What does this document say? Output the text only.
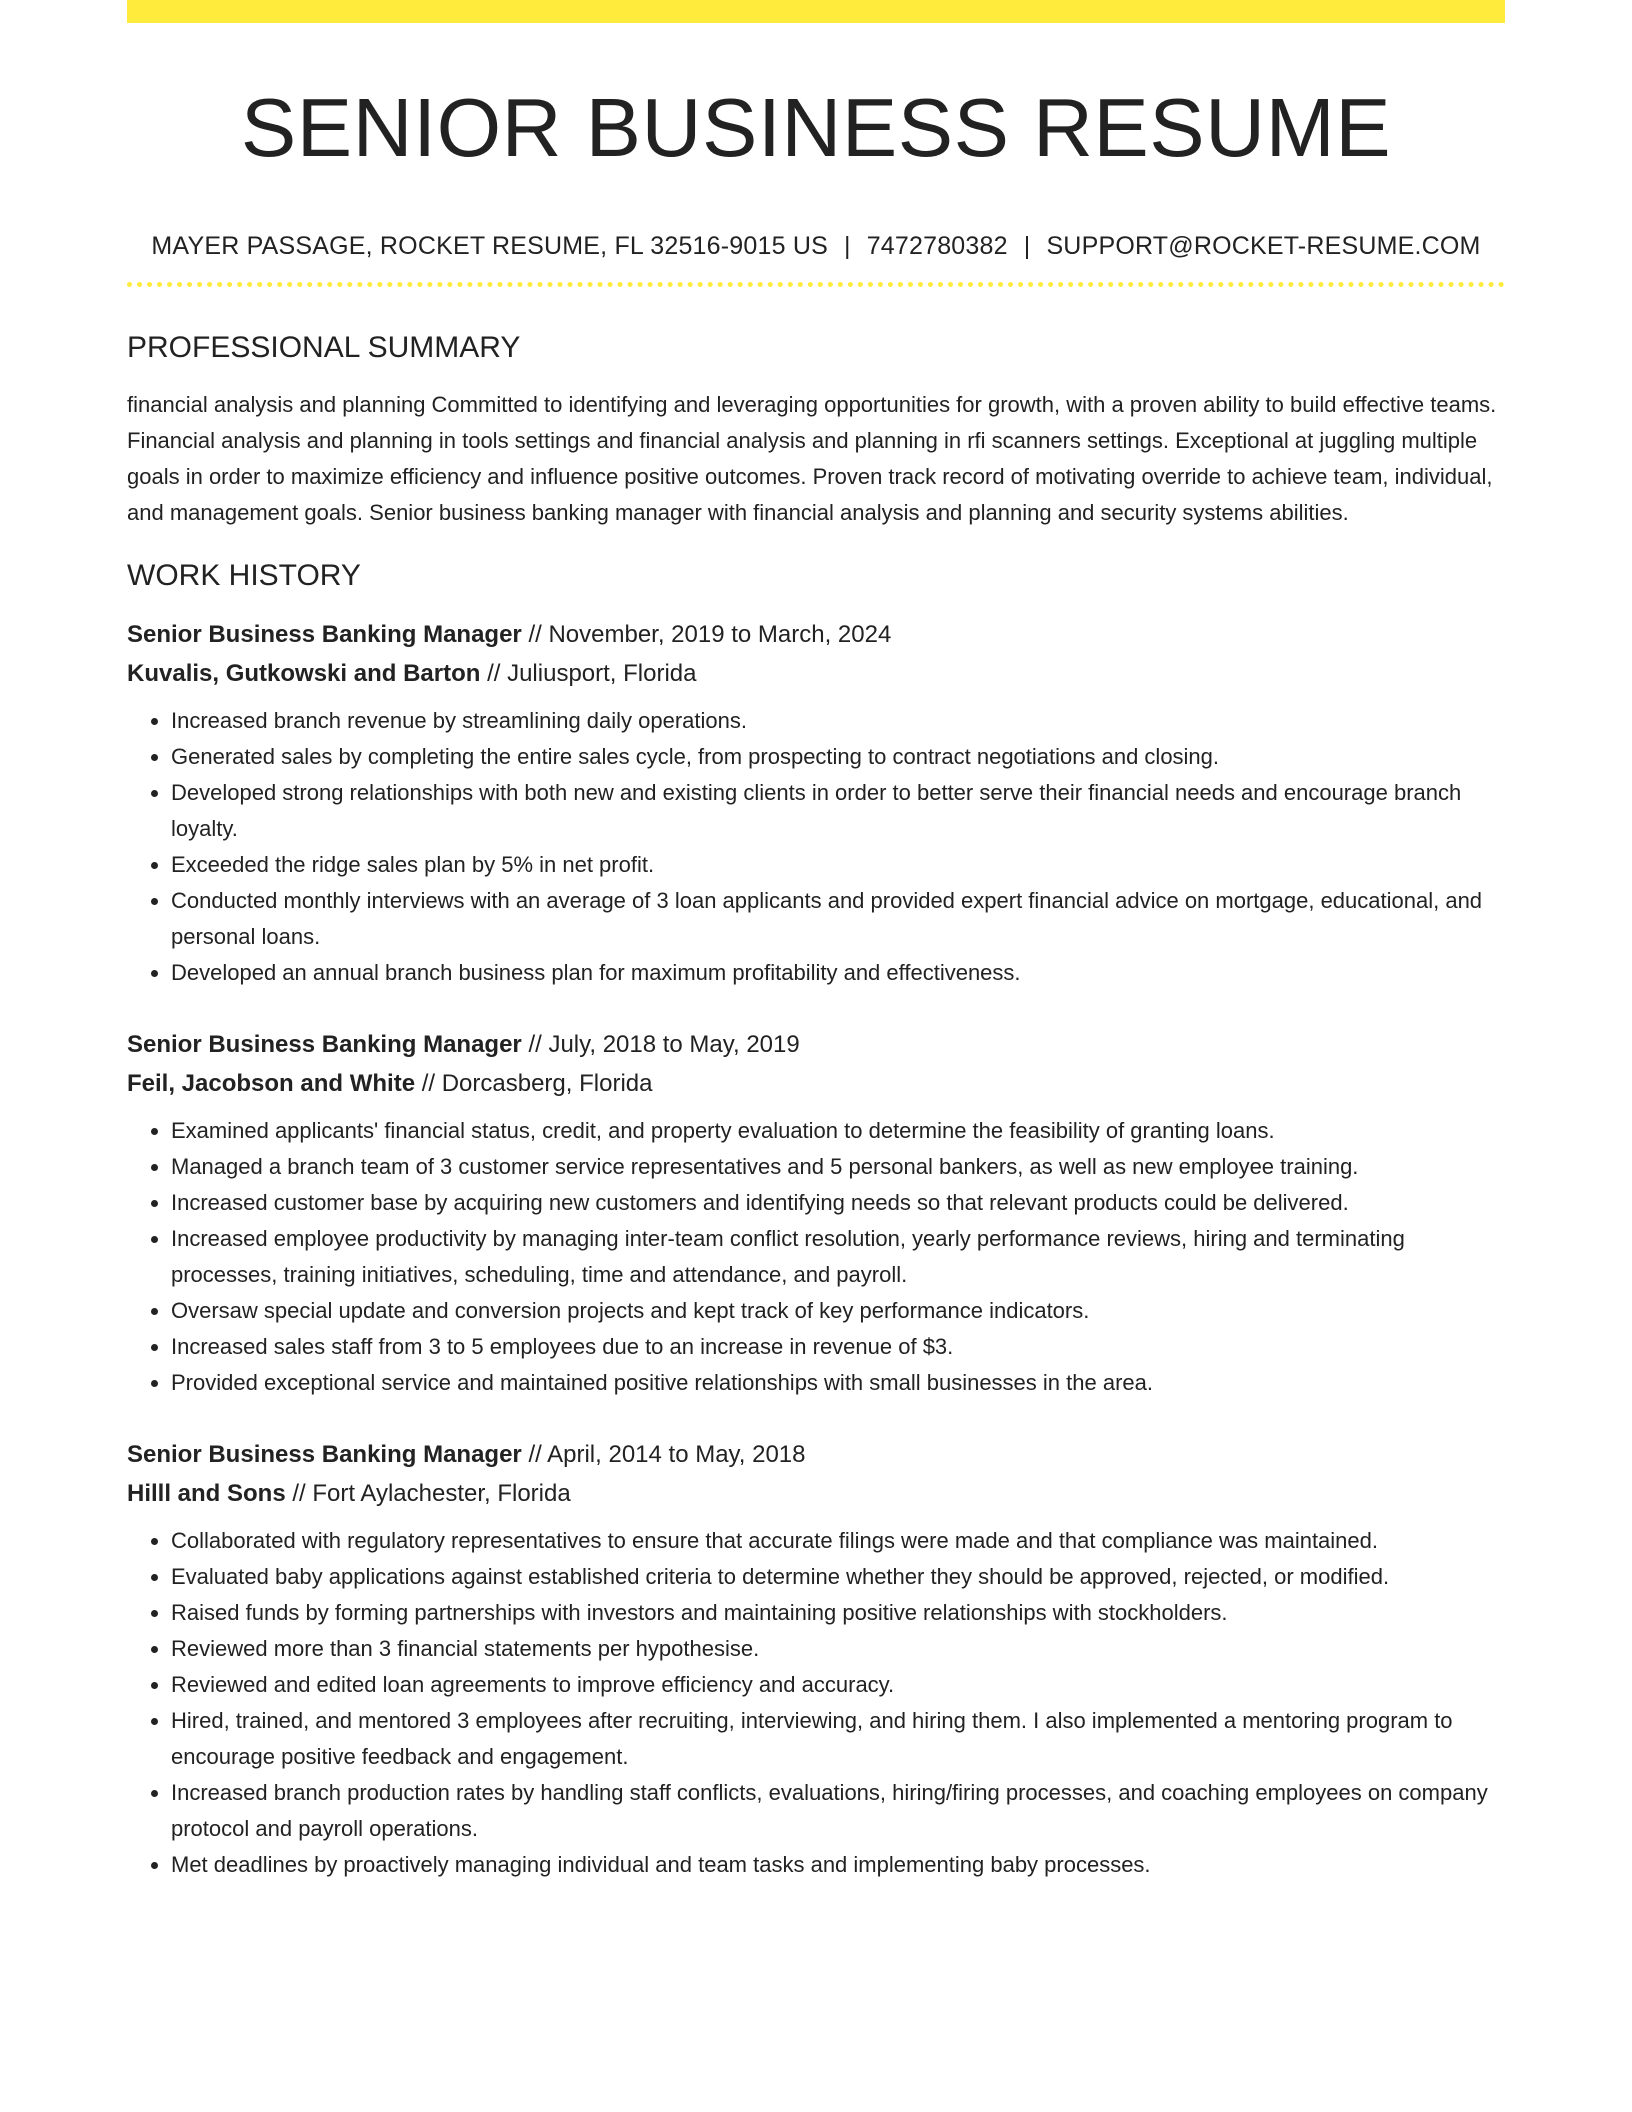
SENIOR BUSINESS RESUME
MAYER PASSAGE, ROCKET RESUME, FL 32516-9015 US | 7472780382 | SUPPORT@ROCKET-RESUME.COM
PROFESSIONAL SUMMARY

financial analysis and planning Committed to identifying and leveraging opportunities for growth, with a proven ability to build effective teams. Financial analysis and planning in tools settings and financial analysis and planning in rfi scanners settings. Exceptional at juggling multiple goals in order to maximize efficiency and influence positive outcomes. Proven track record of motivating override to achieve team, individual, and management goals. Senior business banking manager with financial analysis and planning and security systems abilities.

WORK HISTORY
Senior Business Banking Manager // November, 2019 to March, 2024
Kuvalis, Gutkowski and Barton // Juliusport, Florida
• Increased branch revenue by streamlining daily operations.
• Generated sales by completing the entire sales cycle, from prospecting to contract negotiations and closing.
• Developed strong relationships with both new and existing clients in order to better serve their financial needs and encourage branch loyalty.
• Exceeded the ridge sales plan by 5% in net profit.
• Conducted monthly interviews with an average of 3 loan applicants and provided expert financial advice on mortgage, educational, and personal loans.
• Developed an annual branch business plan for maximum profitability and effectiveness.
Senior Business Banking Manager // July, 2018 to May, 2019
Feil, Jacobson and White // Dorcasberg, Florida
• Examined applicants' financial status, credit, and property evaluation to determine the feasibility of granting loans.
• Managed a branch team of 3 customer service representatives and 5 personal bankers, as well as new employee training.
• Increased customer base by acquiring new customers and identifying needs so that relevant products could be delivered.
• Increased employee productivity by managing inter-team conflict resolution, yearly performance reviews, hiring and terminating processes, training initiatives, scheduling, time and attendance, and payroll.
• Oversaw special update and conversion projects and kept track of key performance indicators.
• Increased sales staff from 3 to 5 employees due to an increase in revenue of $3.
• Provided exceptional service and maintained positive relationships with small businesses in the area.
Senior Business Banking Manager // April, 2014 to May, 2018
Hilll and Sons // Fort Aylachester, Florida
• Collaborated with regulatory representatives to ensure that accurate filings were made and that compliance was maintained.
• Evaluated baby applications against established criteria to determine whether they should be approved, rejected, or modified.
• Raised funds by forming partnerships with investors and maintaining positive relationships with stockholders.
• Reviewed more than 3 financial statements per hypothesise.
• Reviewed and edited loan agreements to improve efficiency and accuracy.
• Hired, trained, and mentored 3 employees after recruiting, interviewing, and hiring them. I also implemented a mentoring program to encourage positive feedback and engagement.
• Increased branch production rates by handling staff conflicts, evaluations, hiring/firing processes, and coaching employees on company protocol and payroll operations.
• Met deadlines by proactively managing individual and team tasks and implementing baby processes.
